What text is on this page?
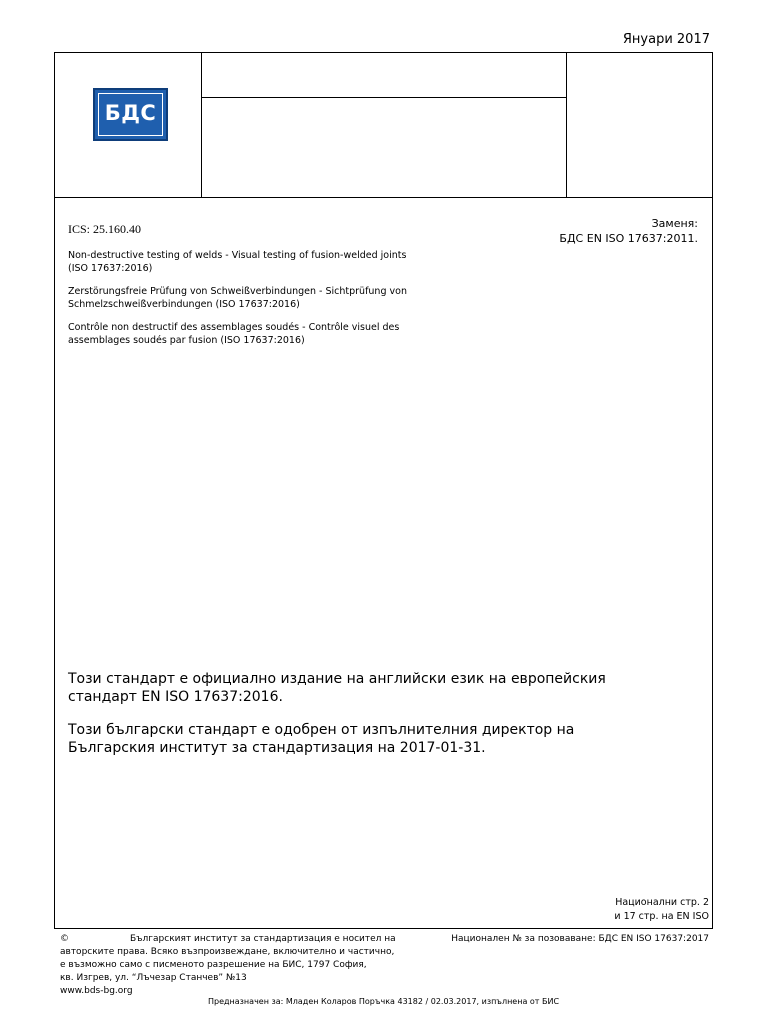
Януари 2017
БДС
ICS: 25.160.40	Заменя:
БДС EN ISO 17637:2011.
Non-destructive testing of welds - Visual testing of fusion-welded joints (ISO 17637:2016)
Zerstörungsfreie Prüfung von Schweißverbindungen - Sichtprüfung von Schmelzschweißverbindungen (ISO 17637:2016)
Contrôle non destructif des assemblages soudés - Contrôle visuel des assemblages soudés par fusion (ISO 17637:2016)
Този стандарт е официално издание на английски език на европейския стандарт EN ISO 17637:2016.
Този български стандарт е одобрен от изпълнителния директор на Българския институт за стандартизация на 2017-01-31.
Национални стр. 2
и 17 стр. на EN ISO
©	Българският институт за стандартизация е носител на
авторските права. Всяко възпроизвеждане, включително и частично,
е възможно само с писменото разрешение на БИС, 1797 София,
кв. Изгрев, ул. “Лъчезар Станчев” №13
www.bds-bg.org
Национален № за позоваване: БДС EN ISO 17637:2017
Предназначен за: Младен Коларов Поръчка 43182 / 02.03.2017, изпълнена от БИС
